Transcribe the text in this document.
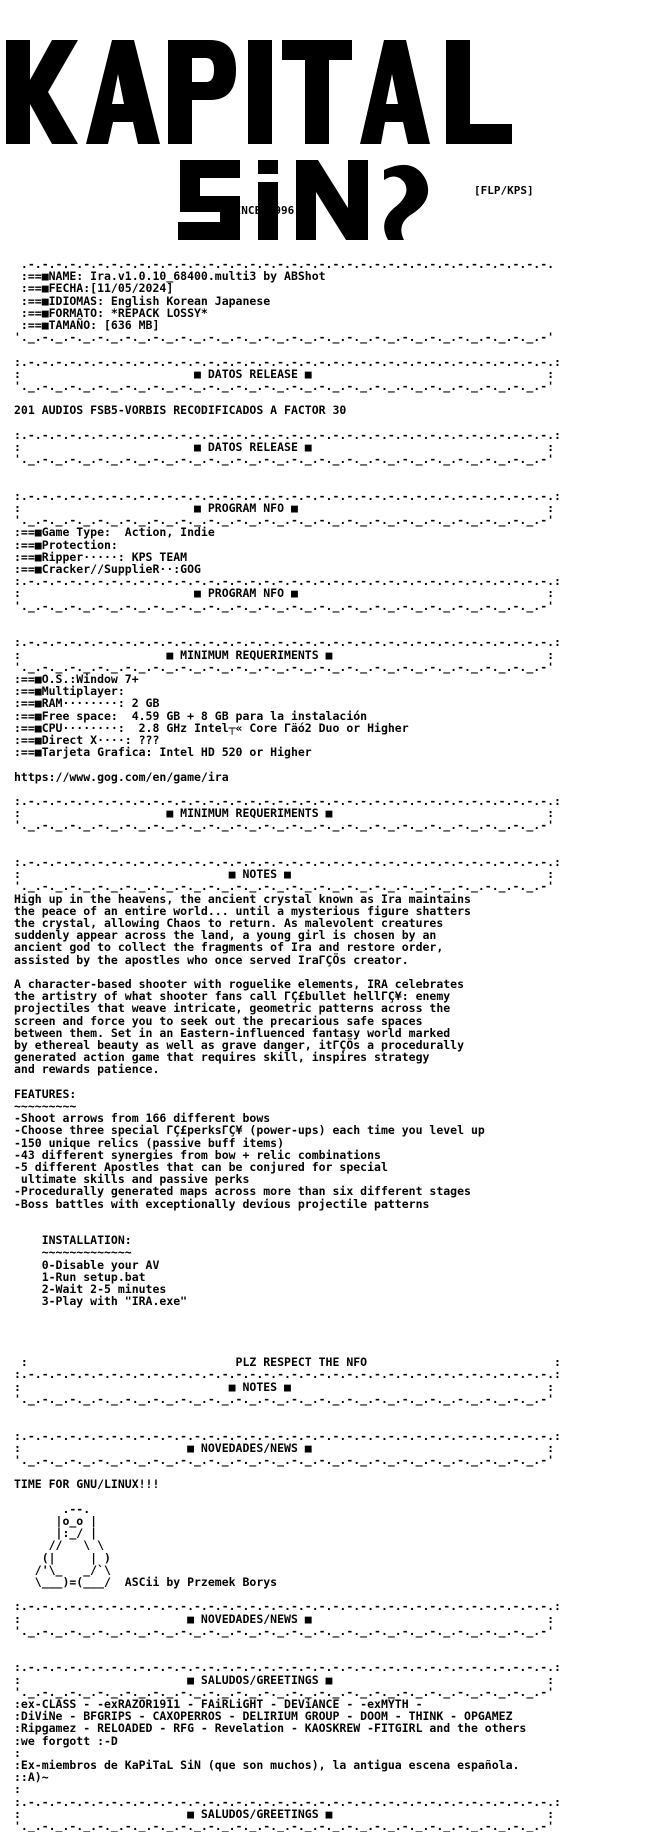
[FLP/KPS]
SINCE 1996
.-.-.-.-.-.-.-.-.-.-.-.-.-.-.-.-.-.-.-.-.-.-.-.-.-.-.-.-.-.-.-.-.-.-.-.-.-.-.
:==■NAME: Ira.v1.0.10_68400.multi3 by ABShot
:==■FECHA:[11/05/2024]
:==■IDIOMAS: English Korean Japanese
:==■FORMATO: *REPACK LOSSY*
:==■TAMAÑO: [636 MB]
'._.-._.-._.-._.-._.-._.-._.-._.-._.-._.-._.-._.-._.-._.-._.-._.-._.-._.-._.-'

:.-.-.-.-.-.-.-.-.-.-.-.-.-.-.-.-.-.-.-.-.-.-.-.-.-.-.-.-.-.-.-.-.-.-.-.-.-.-.:
:                         ■ DATOS RELEASE ■                                  :
'._.-._.-._.-._.-._.-._.-._.-._.-._.-._.-._.-._.-._.-._.-._.-._.-._.-._.-._.-'

201 AUDIOS FSB5-VORBIS RECODIFICADOS A FACTOR 30

:.-.-.-.-.-.-.-.-.-.-.-.-.-.-.-.-.-.-.-.-.-.-.-.-.-.-.-.-.-.-.-.-.-.-.-.-.-.-.:
:                         ■ DATOS RELEASE ■                                  :
'._.-._.-._.-._.-._.-._.-._.-._.-._.-._.-._.-._.-._.-._.-._.-._.-._.-._.-._.-'

:.-.-.-.-.-.-.-.-.-.-.-.-.-.-.-.-.-.-.-.-.-.-.-.-.-.-.-.-.-.-.-.-.-.-.-.-.-.-.:
:                         ■ PROGRAM NFO ■                                    :
'._.-._.-._.-._.-._.-._.-._.-._.-._.-._.-._.-._.-._.-._.-._.-._.-._.-._.-._.-'
:==■Game Type:  Action, Indie
:==■Protection:
:==■Ripper·····: KPS TEAM
:==■Cracker//SupplieR··:GOG
:.-.-.-.-.-.-.-.-.-.-.-.-.-.-.-.-.-.-.-.-.-.-.-.-.-.-.-.-.-.-.-.-.-.-.-.-.-.-.:
:                         ■ PROGRAM NFO ■                                    :
'._.-._.-._.-._.-._.-._.-._.-._.-._.-._.-._.-._.-._.-._.-._.-._.-._.-._.-._.-'

:.-.-.-.-.-.-.-.-.-.-.-.-.-.-.-.-.-.-.-.-.-.-.-.-.-.-.-.-.-.-.-.-.-.-.-.-.-.-.:
:                     ■ MINIMUM REQUERIMENTS ■                               :
'._.-._.-._.-._.-._.-._.-._.-._.-._.-._.-._.-._.-._.-._.-._.-._.-._.-._.-._.-'
:==■O.S.:Window 7+
:==■Multiplayer:
:==■RAM········: 2 GB
:==■Free space:  4.59 GB + 8 GB para la instalación
:==■CPU········:  2.8 GHz Intel┬« Core Γäó2 Duo or Higher
:==■Direct X····: ???
:==■Tarjeta Grafica: Intel HD 520 or Higher

https://www.gog.com/en/game/ira

:.-.-.-.-.-.-.-.-.-.-.-.-.-.-.-.-.-.-.-.-.-.-.-.-.-.-.-.-.-.-.-.-.-.-.-.-.-.-.:
:                     ■ MINIMUM REQUERIMENTS ■                               :
'._.-._.-._.-._.-._.-._.-._.-._.-._.-._.-._.-._.-._.-._.-._.-._.-._.-._.-._.-'

:.-.-.-.-.-.-.-.-.-.-.-.-.-.-.-.-.-.-.-.-.-.-.-.-.-.-.-.-.-.-.-.-.-.-.-.-.-.-.:
:                              ■ NOTES ■                                     :
'._.-._.-._.-._.-._.-._.-._.-._.-._.-._.-._.-._.-._.-._.-._.-._.-._.-._.-._.-'
High up in the heavens, the ancient crystal known as Ira maintains
the peace of an entire world... until a mysterious figure shatters
the crystal, allowing Chaos to return. As malevolent creatures
suddenly appear across the land, a young girl is chosen by an
ancient god to collect the fragments of Ira and restore order,
assisted by the apostles who once served IraΓÇÖs creator.

A character-based shooter with roguelike elements, IRA celebrates
the artistry of what shooter fans call ΓÇ£bullet hellΓÇ¥: enemy
projectiles that weave intricate, geometric patterns across the
screen and force you to seek out the precarious safe spaces
between them. Set in an Eastern-influenced fantasy world marked
by ethereal beauty as well as grave danger, itΓÇÖs a procedurally
generated action game that requires skill, inspires strategy
and rewards patience.

FEATURES:
~~~~~~~~~
-Shoot arrows from 166 different bows
-Choose three special ΓÇ£perksΓÇ¥ (power-ups) each time you level up
-150 unique relics (passive buff items)
-43 different synergies from bow + relic combinations
-5 different Apostles that can be conjured for special
ultimate skills and passive perks
-Procedurally generated maps across more than six different stages
-Boss battles with exceptionally devious projectile patterns

INSTALLATION:
~~~~~~~~~~~~~
0-Disable your AV
1-Run setup.bat
2-Wait 2-5 minutes
3-Play with "IRA.exe"

:                              PLZ RESPECT THE NFO                           :
:.-.-.-.-.-.-.-.-.-.-.-.-.-.-.-.-.-.-.-.-.-.-.-.-.-.-.-.-.-.-.-.-.-.-.-.-.-.-.:
:                              ■ NOTES ■                                     :
'._.-._.-._.-._.-._.-._.-._.-._.-._.-._.-._.-._.-._.-._.-._.-._.-._.-._.-._.-'

:.-.-.-.-.-.-.-.-.-.-.-.-.-.-.-.-.-.-.-.-.-.-.-.-.-.-.-.-.-.-.-.-.-.-.-.-.-.-.:
:                        ■ NOVEDADES/NEWS ■                                  :
'._.-._.-._.-._.-._.-._.-._.-._.-._.-._.-._.-._.-._.-._.-._.-._.-._.-._.-._.-'

TIME FOR GNU/LINUX!!!

.--.
|o_o |
|:_/ |
//   \ \
(|     | )
/'\_   _/`\
\___)=(___/  ASCii by Przemek Borys

:.-.-.-.-.-.-.-.-.-.-.-.-.-.-.-.-.-.-.-.-.-.-.-.-.-.-.-.-.-.-.-.-.-.-.-.-.-.-.:
:                        ■ NOVEDADES/NEWS ■                                  :
'._.-._.-._.-._.-._.-._.-._.-._.-._.-._.-._.-._.-._.-._.-._.-._.-._.-._.-._.-'

:.-.-.-.-.-.-.-.-.-.-.-.-.-.-.-.-.-.-.-.-.-.-.-.-.-.-.-.-.-.-.-.-.-.-.-.-.-.-.:
:                        ■ SALUDOS/GREETINGS ■                               :
'._.-._.-._.-._.-._.-._.-._.-._.-._.-._.-._.-._.-._.-._.-._.-._.-._.-._.-._.-'
:ex-CLASS - -exRAZOR1911 - FAiRLiGHT - DEViANCE - -exMYTH -
:DiViNe - BFGRIPS - CAXOPERROS - DELIRIUM GROUP - DOOM - THINK - OPGAMEZ
:Ripgamez - RELOADED - RFG - Revelation - KAOSKREW -FITGIRL and the others
:we forgott :-D
:
:Ex-miembros de KaPiTaL SiN (que son muchos), la antigua escena española.
::A)~
:
:.-.-.-.-.-.-.-.-.-.-.-.-.-.-.-.-.-.-.-.-.-.-.-.-.-.-.-.-.-.-.-.-.-.-.-.-.-.-.:
:                        ■ SALUDOS/GREETINGS ■                               :
'._.-._.-._.-._.-._.-._.-._.-._.-._.-._.-._.-._.-._.-._.-._.-._.-._.-._.-._.-'
